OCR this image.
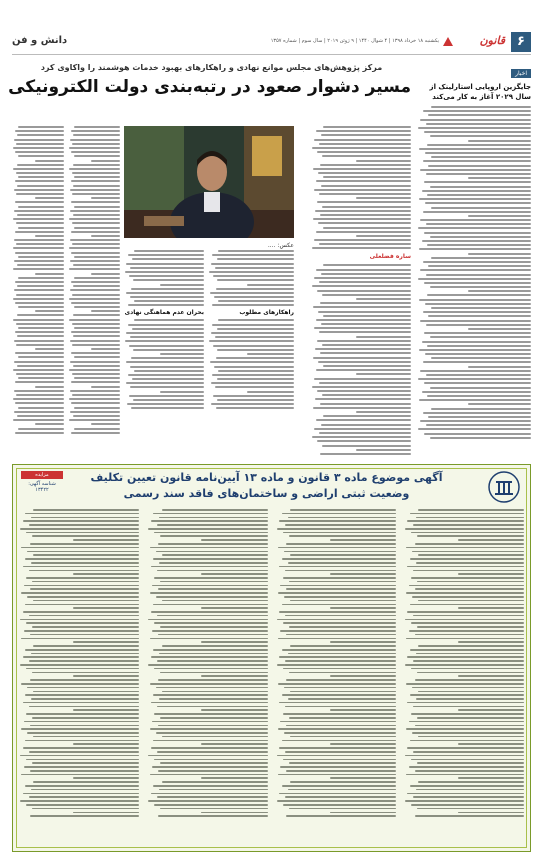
۶
قانون
یکشنبه ۱۸ خرداد ۱۳۹۸ | ۴ شوال ۱۴۴۰ | ۹ ژوئن ۲۰۱۹ | سال سوم | شماره ۱۳۵۷
دانش و فن
اخبار
جایگزین اروپایی استارلینک از سال ۲۰۲۹ آغاز به کار می‌کند
مرکز پژوهش‌های مجلس موانع نهادی و راهکارهای بهبود خدمات هوشمند را واکاوی کرد
مسیر دشوار صعود در رتبه‌بندی دولت الکترونیکی
ساره فضلعلی
عکس: ....
بحران عدم هماهنگی نهادی	راهکارهای مطلوب
آگهی موضوع ماده ۳ قانون و ماده ۱۳ آیین‌نامه قانون تعیین تکلیف
وضعیت ثبتی اراضی و ساختمان‌های فاقد سند رسمی
مزایده
شناسه آگهی: ۱۳۴۲۲
